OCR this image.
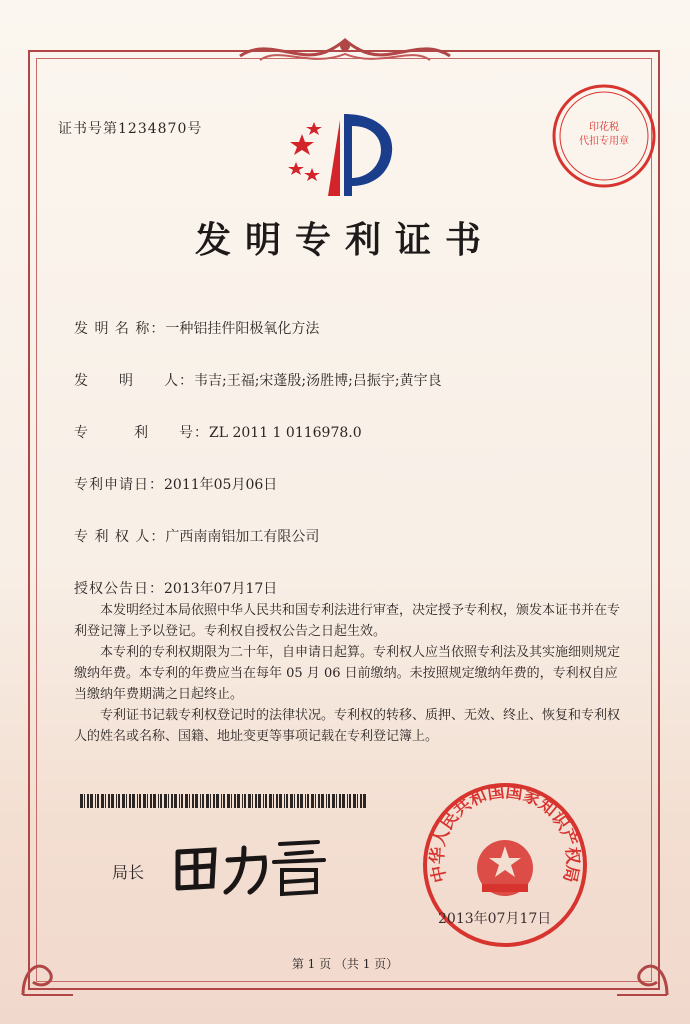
证书号第1234870号	印花税
代扣专用章
发明专利证书
发 明 名 称：一种铝挂件阳极氧化方法
发　　明　　人：韦吉;王福;宋蓬殷;汤胜博;吕振宇;黄宇良
专　　　利　　号：ZL 2011 1 0116978.0
专利申请日：2011年05月06日
专 利 权 人：广西南南铝加工有限公司
授权公告日：2013年07月17日

本发明经过本局依照中华人民共和国专利法进行审查，决定授予专利权，颁发本证书并在专利登记簿上予以登记。专利权自授权公告之日起生效。

本专利的专利权期限为二十年，自申请日起算。专利权人应当依照专利法及其实施细则规定缴纳年费。本专利的年费应当在每年 05 月 06 日前缴纳。未按照规定缴纳年费的，专利权自应当缴纳年费期满之日起终止。

专利证书记载专利权登记时的法律状况。专利权的转移、质押、无效、终止、恢复和专利权人的姓名或名称、国籍、地址变更等事项记载在专利登记簿上。

局长	中华人民共和国国家知识产权局
2013年07月17日
第 1 页 （共 1 页）
